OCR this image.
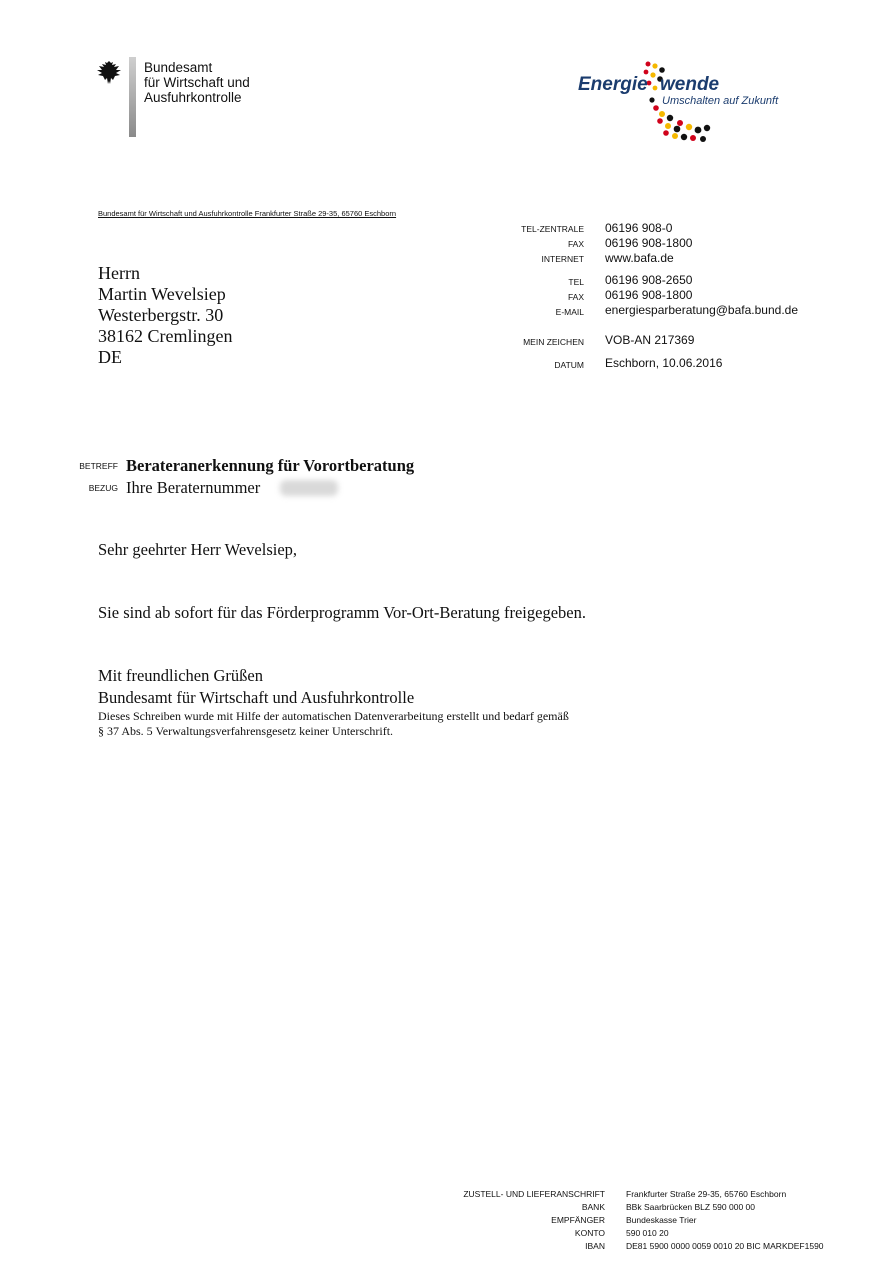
Bundesamt
für Wirtschaft und
Ausfuhrkontrolle
Energie wende
Umschalten auf Zukunft
Bundesamt für Wirtschaft und Ausfuhrkontrolle Frankfurter Straße 29-35, 65760 Eschborn
TEL-ZENTRALE 06196 908-0
FAX 06196 908-1800
INTERNET www.bafa.de
TEL 06196 908-2650
FAX 06196 908-1800
E-MAIL energiesparberatung@bafa.bund.de
MEIN ZEICHEN VOB-AN 217369
DATUM Eschborn, 10.06.2016
Herrn
Martin Wevelsiep
Westerbergstr. 30
38162 Cremlingen
DE
BETREFF Berateranerkennung für Vorortberatung
BEZUG Ihre Beraternummer
Sehr geehrter Herr Wevelsiep,
Sie sind ab sofort für das Förderprogramm Vor-Ort-Beratung freigegeben.
Mit freundlichen Grüßen
Bundesamt für Wirtschaft und Ausfuhrkontrolle
Dieses Schreiben wurde mit Hilfe der automatischen Datenverarbeitung erstellt und bedarf gemäß
§ 37 Abs. 5 Verwaltungsverfahrensgesetz keiner Unterschrift.
ZUSTELL- UND LIEFERANSCHRIFT Frankfurter Straße 29-35, 65760 Eschborn
BANK BBk Saarbrücken BLZ 590 000 00
EMPFÄNGER Bundeskasse Trier
KONTO 590 010 20
IBAN DE81 5900 0000 0059 0010 20 BIC MARKDEF1590
